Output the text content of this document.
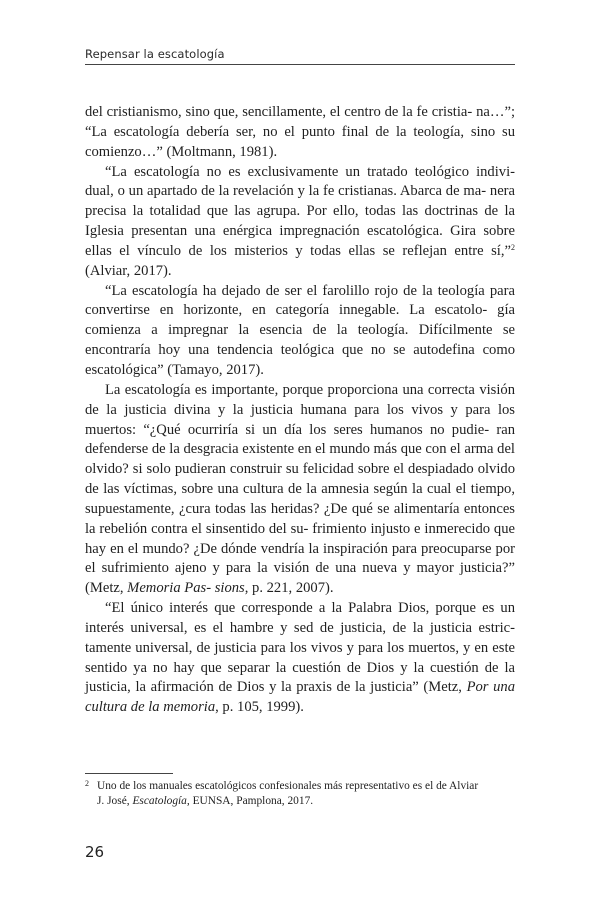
Repensar la escatología

del cristianismo, sino que, sencillamente, el centro de la fe cristia- na…”; “La escatología debería ser, no el punto final de la teología, sino su comienzo…” (Moltmann, 1981).

“La escatología no es exclusivamente un tratado teológico indivi- dual, o un apartado de la revelación y la fe cristianas. Abarca de ma- nera precisa la totalidad que las agrupa. Por ello, todas las doctrinas de la Iglesia presentan una enérgica impregnación escatológica. Gira sobre ellas el vínculo de los misterios y todas ellas se reflejan entre sí,”$^2$ (Alviar, 2017).

“La escatología ha dejado de ser el farolillo rojo de la teología para convertirse en horizonte, en categoría innegable. La escatolo- gía comienza a impregnar la esencia de la teología. Difícilmente se encontraría hoy una tendencia teológica que no se autodefina como escatológica” (Tamayo, 2017).

La escatología es importante, porque proporciona una correcta visión de la justicia divina y la justicia humana para los vivos y para los muertos: “¿Qué ocurriría si un día los seres humanos no pudie- ran defenderse de la desgracia existente en el mundo más que con el arma del olvido? si solo pudieran construir su felicidad sobre el despiadado olvido de las víctimas, sobre una cultura de la amnesia según la cual el tiempo, supuestamente, ¿cura todas las heridas? ¿De qué se alimentaría entonces la rebelión contra el sinsentido del su- frimiento injusto e inmerecido que hay en el mundo? ¿De dónde vendría la inspiración para preocuparse por el sufrimiento ajeno y para la visión de una nueva y mayor justicia?” (Metz, Memoria Pas- sions, p. 221, 2007).

“El único interés que corresponde a la Palabra Dios, porque es un interés universal, es el hambre y sed de justicia, de la justicia estric- tamente universal, de justicia para los vivos y para los muertos, y en este sentido ya no hay que separar la cuestión de Dios y la cuestión de la justicia, la afirmación de Dios y la praxis de la justicia” (Metz, Por una cultura de la memoria, p. 105, 1999).

2 Uno de los manuales escatológicos confesionales más representativo es el de Alviar
J. José, Escatología, EUNSA, Pamplona, 2017.
26
